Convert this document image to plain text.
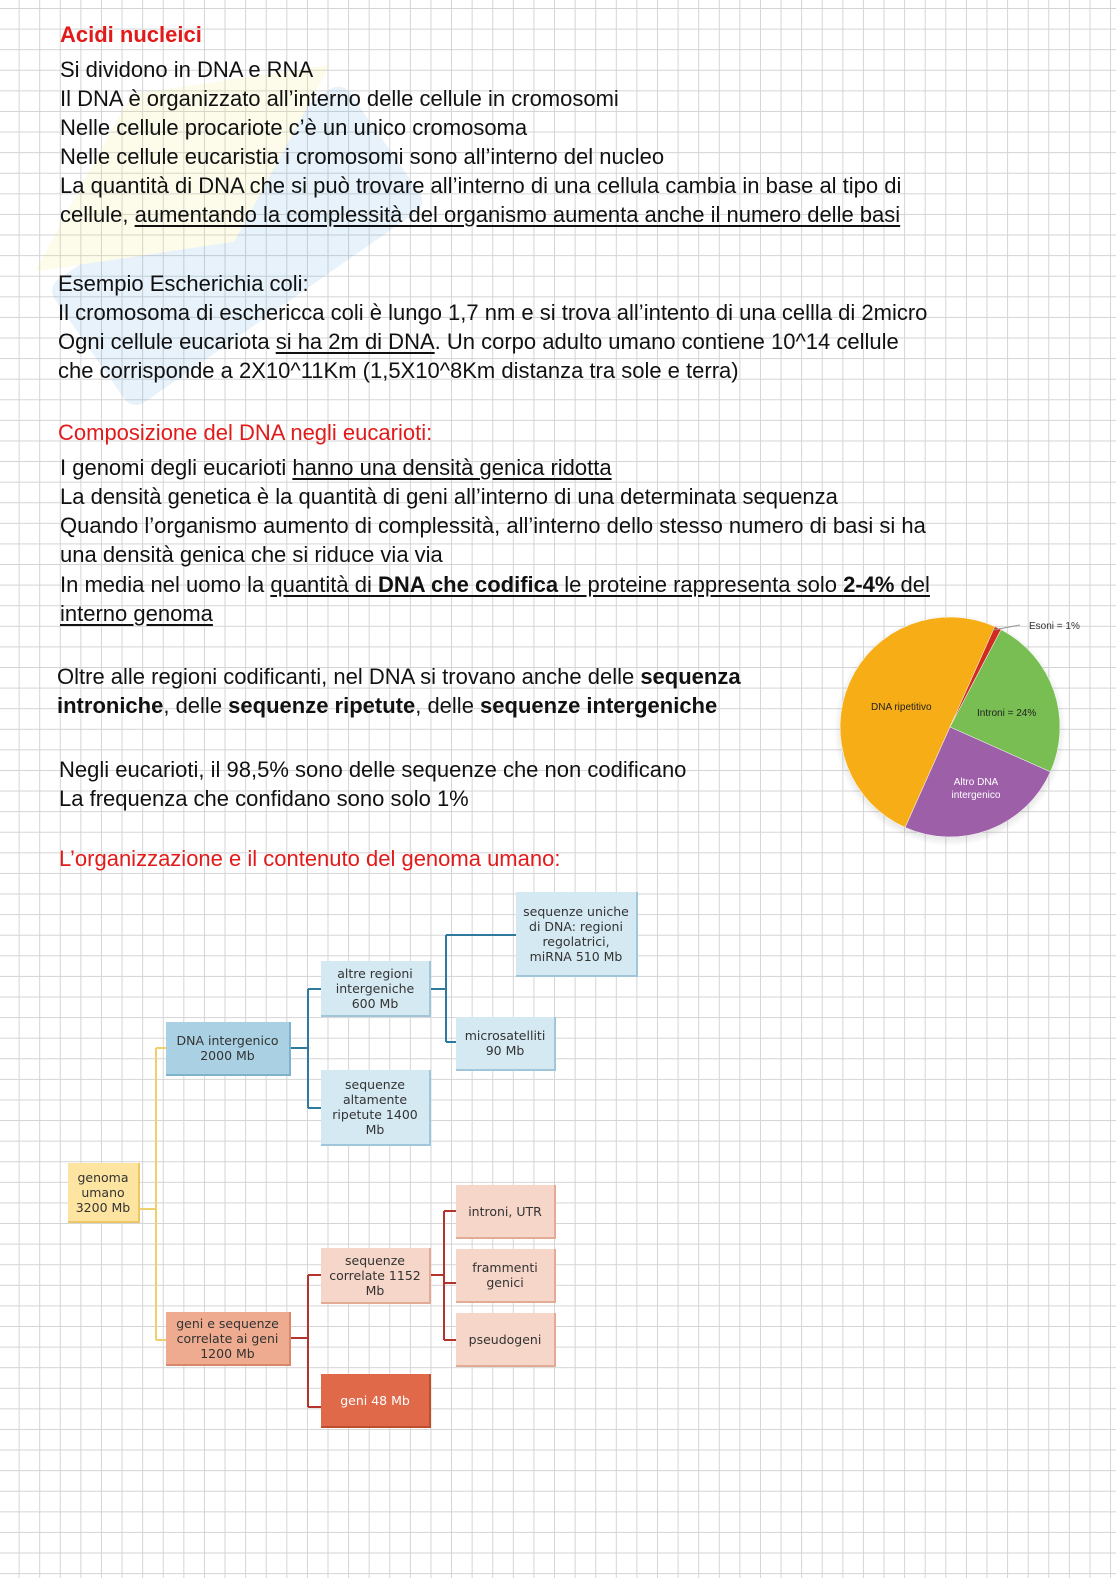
Acidi nucleici
Si dividono in DNA e RNA
Il DNA è organizzato all’interno delle cellule in cromosomi
Nelle cellule procariote c’è un unico cromosoma
Nelle cellule eucaristia i cromosomi sono all’interno del nucleo
La quantità di DNA che si può trovare all’interno di una cellula cambia in base al tipo di
cellule, aumentando la complessità del organismo aumenta anche il numero delle basi
Esempio Escherichia coli:
Il cromosoma di eschericca coli è lungo 1,7 nm e si trova all’intento di una cellla di 2micro
Ogni cellule eucariota si ha 2m di DNA. Un corpo adulto umano contiene 10^14 cellule
che corrisponde a 2X10^11Km (1,5X10^8Km distanza tra sole e terra)
Composizione del DNA negli eucarioti:
I genomi degli eucarioti hanno una densità genica ridotta
La densità genetica è la quantità di geni all’interno di una determinata sequenza
Quando l’organismo aumento di complessità, all’interno dello stesso numero di basi si ha
una densità genica che si riduce via via
In media nel uomo la quantità di DNA che codifica le proteine rappresenta solo 2-4% del
interno genoma
Oltre alle regioni codificanti, nel DNA si trovano anche delle sequenza
introniche, delle sequenze ripetute, delle sequenze intergeniche
Negli eucarioti, il 98,5% sono delle sequenze che non codificano
La frequenza che confidano sono solo 1%
Esoni = 1%
DNA ripetitivo
Introni = 24%
Altro DNA
intergenico
L’organizzazione e il contenuto del genoma umano:
genoma umano 3200 Mb
DNA intergenico 2000 Mb
altre regioni intergeniche 600 Mb
sequenze uniche di DNA: regioni regolatrici, miRNA 510 Mb
microsatelliti 90 Mb
sequenze altamente ripetute 1400 Mb
geni e sequenze correlate ai geni 1200 Mb
sequenze correlate 1152 Mb
introni, UTR
frammenti genici
pseudogeni
geni 48 Mb
